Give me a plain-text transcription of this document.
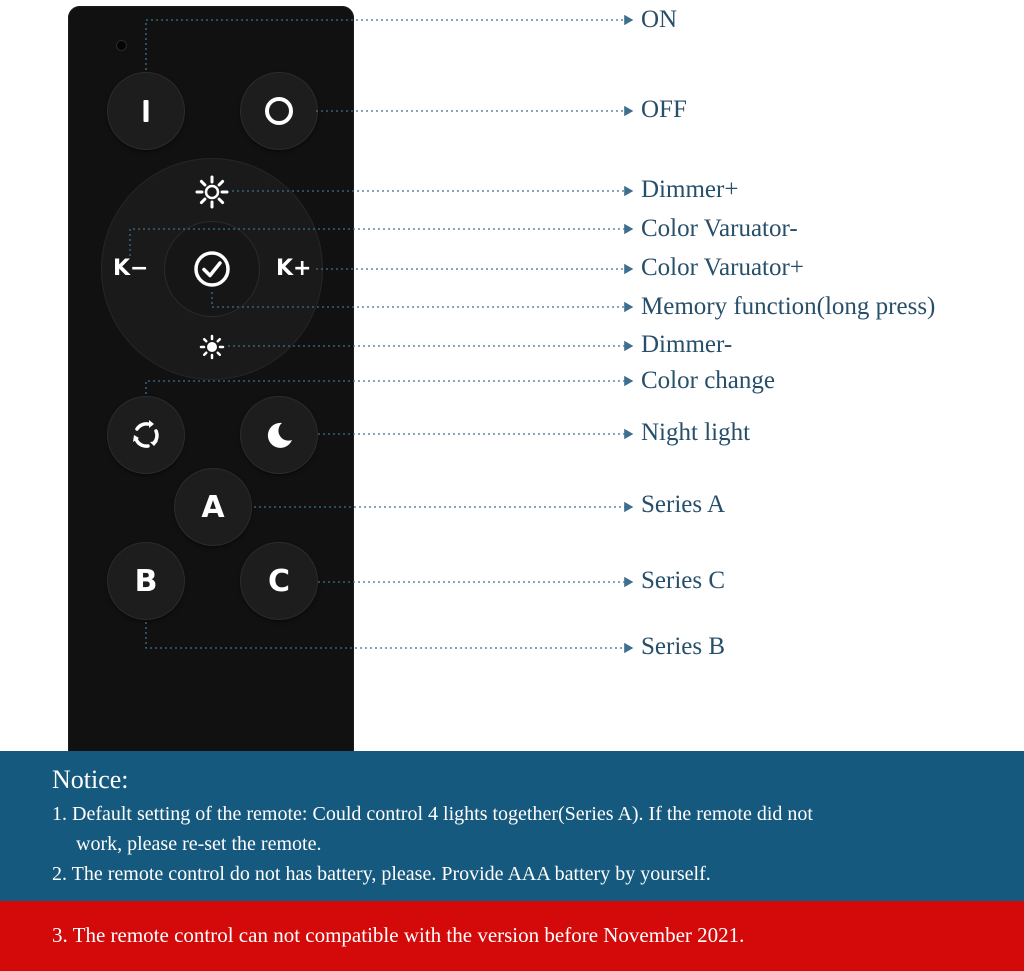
K−	K+
A
B	C
ON
OFF
Dimmer+
Color Varuator-
Color Varuator+
Memory function(long press)
Dimmer-
Color change
Night light
Series A
Series C
Series B
Notice:
1. Default setting of the remote: Could control 4 lights together(Series A). If the remote did not
work, please re-set the remote.
2. The remote control do not has battery, please. Provide AAA battery by yourself.
3. The remote control can not compatible with the version before November 2021.
